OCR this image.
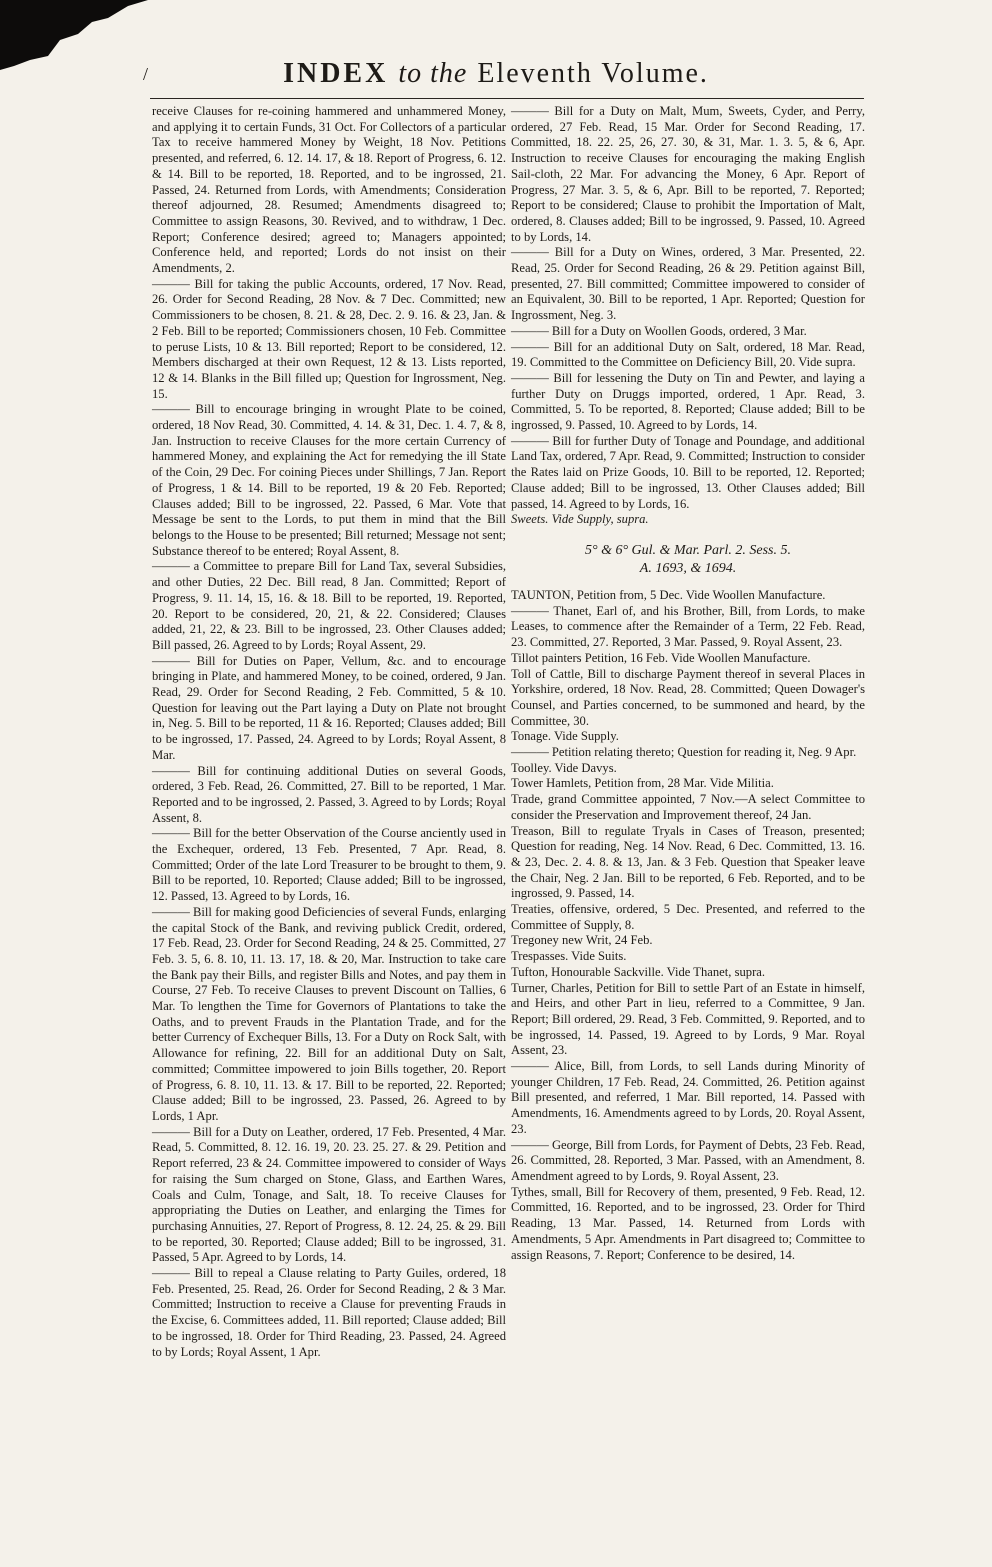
/	INDEX to the Eleventh Volume.

receive Clauses for re-coining hammered and unhammered Money, and applying it to certain Funds, 31 Oct. For Collectors of a particular Tax to receive hammered Money by Weight, 18 Nov. Petitions presented, and referred, 6. 12. 14. 17, & 18. Report of Progress, 6. 12. & 14. Bill to be reported, 18. Reported, and to be ingrossed, 21. Passed, 24. Returned from Lords, with Amendments; Consideration thereof adjourned, 28. Resumed; Amendments disagreed to; Committee to assign Reasons, 30. Revived, and to withdraw, 1 Dec. Report; Conference desired; agreed to; Managers appointed; Conference held, and reported; Lords do not insist on their Amendments, 2.

——— Bill for taking the public Accounts, ordered, 17 Nov. Read, 26. Order for Second Reading, 28 Nov. & 7 Dec. Committed; new Commissioners to be chosen, 8. 21. & 28, Dec. 2. 9. 16. & 23, Jan. & 2 Feb. Bill to be reported; Commissioners chosen, 10 Feb. Committee to peruse Lists, 10 & 13. Bill reported; Report to be considered, 12. Members discharged at their own Request, 12 & 13. Lists reported, 12 & 14. Blanks in the Bill filled up; Question for Ingrossment, Neg. 15.

——— Bill to encourage bringing in wrought Plate to be coined, ordered, 18 Nov Read, 30. Committed, 4. 14. & 31, Dec. 1. 4. 7, & 8, Jan. Instruction to receive Clauses for the more certain Currency of hammered Money, and explaining the Act for remedying the ill State of the Coin, 29 Dec. For coining Pieces under Shillings, 7 Jan. Report of Progress, 1 & 14. Bill to be reported, 19 & 20 Feb. Reported; Clauses added; Bill to be ingrossed, 22. Passed, 6 Mar. Vote that Message be sent to the Lords, to put them in mind that the Bill belongs to the House to be presented; Bill returned; Message not sent; Substance thereof to be entered; Royal Assent, 8.

——— a Committee to prepare Bill for Land Tax, several Subsidies, and other Duties, 22 Dec. Bill read, 8 Jan. Committed; Report of Progress, 9. 11. 14, 15, 16. & 18. Bill to be reported, 19. Reported, 20. Report to be considered, 20, 21, & 22. Considered; Clauses added, 21, 22, & 23. Bill to be ingrossed, 23. Other Clauses added; Bill passed, 26. Agreed to by Lords; Royal Assent, 29.

——— Bill for Duties on Paper, Vellum, &c. and to encourage bringing in Plate, and hammered Money, to be coined, ordered, 9 Jan. Read, 29. Order for Second Reading, 2 Feb. Committed, 5 & 10. Question for leaving out the Part laying a Duty on Plate not brought in, Neg. 5. Bill to be reported, 11 & 16. Reported; Clauses added; Bill to be ingrossed, 17. Passed, 24. Agreed to by Lords; Royal Assent, 8 Mar.

——— Bill for continuing additional Duties on several Goods, ordered, 3 Feb. Read, 26. Committed, 27. Bill to be reported, 1 Mar. Reported and to be ingrossed, 2. Passed, 3. Agreed to by Lords; Royal Assent, 8.

——— Bill for the better Observation of the Course anciently used in the Exchequer, ordered, 13 Feb. Presented, 7 Apr. Read, 8. Committed; Order of the late Lord Treasurer to be brought to them, 9. Bill to be reported, 10. Reported; Clause added; Bill to be ingrossed, 12. Passed, 13. Agreed to by Lords, 16.

——— Bill for making good Deficiencies of several Funds, enlarging the capital Stock of the Bank, and reviving publick Credit, ordered, 17 Feb. Read, 23. Order for Second Reading, 24 & 25. Committed, 27 Feb. 3. 5, 6. 8. 10, 11. 13. 17, 18. & 20, Mar. Instruction to take care the Bank pay their Bills, and register Bills and Notes, and pay them in Course, 27 Feb. To receive Clauses to prevent Discount on Tallies, 6 Mar. To lengthen the Time for Governors of Plantations to take the Oaths, and to prevent Frauds in the Plantation Trade, and for the better Currency of Exchequer Bills, 13. For a Duty on Rock Salt, with Allowance for refining, 22. Bill for an additional Duty on Salt, committed; Committee impowered to join Bills together, 20. Report of Progress, 6. 8. 10, 11. 13. & 17. Bill to be reported, 22. Reported; Clause added; Bill to be ingrossed, 23. Passed, 26. Agreed to by Lords, 1 Apr.

——— Bill for a Duty on Leather, ordered, 17 Feb. Presented, 4 Mar. Read, 5. Committed, 8. 12. 16. 19, 20. 23. 25. 27. & 29. Petition and Report referred, 23 & 24. Committee impowered to consider of Ways for raising the Sum charged on Stone, Glass, and Earthen Wares, Coals and Culm, Tonage, and Salt, 18. To receive Clauses for appropriating the Duties on Leather, and enlarging the Times for purchasing Annuities, 27. Report of Progress, 8. 12. 24, 25. & 29. Bill to be reported, 30. Reported; Clause added; Bill to be ingrossed, 31. Passed, 5 Apr. Agreed to by Lords, 14.

——— Bill to repeal a Clause relating to Party Guiles, ordered, 18 Feb. Presented, 25. Read, 26. Order for Second Reading, 2 & 3 Mar. Committed; Instruction to receive a Clause for preventing Frauds in the Excise, 6. Committees added, 11. Bill reported; Clause added; Bill to be ingrossed, 18. Order for Third Reading, 23. Passed, 24. Agreed to by Lords; Royal Assent, 1 Apr.

——— Bill for a Duty on Malt, Mum, Sweets, Cyder, and Perry, ordered, 27 Feb. Read, 15 Mar. Order for Second Reading, 17. Committed, 18. 22. 25, 26, 27. 30, & 31, Mar. 1. 3. 5, & 6, Apr. Instruction to receive Clauses for encouraging the making English Sail-cloth, 22 Mar. For advancing the Money, 6 Apr. Report of Progress, 27 Mar. 3. 5, & 6, Apr. Bill to be reported, 7. Reported; Report to be considered; Clause to prohibit the Importation of Malt, ordered, 8. Clauses added; Bill to be ingrossed, 9. Passed, 10. Agreed to by Lords, 14.

——— Bill for a Duty on Wines, ordered, 3 Mar. Presented, 22. Read, 25. Order for Second Reading, 26 & 29. Petition against Bill, presented, 27. Bill committed; Committee impowered to consider of an Equivalent, 30. Bill to be reported, 1 Apr. Reported; Question for Ingrossment, Neg. 3.

——— Bill for a Duty on Woollen Goods, ordered, 3 Mar.

——— Bill for an additional Duty on Salt, ordered, 18 Mar. Read, 19. Committed to the Committee on Deficiency Bill, 20. Vide supra.

——— Bill for lessening the Duty on Tin and Pewter, and laying a further Duty on Druggs imported, ordered, 1 Apr. Read, 3. Committed, 5. To be reported, 8. Reported; Clause added; Bill to be ingrossed, 9. Passed, 10. Agreed to by Lords, 14.

——— Bill for further Duty of Tonage and Poundage, and additional Land Tax, ordered, 7 Apr. Read, 9. Committed; Instruction to consider the Rates laid on Prize Goods, 10. Bill to be reported, 12. Reported; Clause added; Bill to be ingrossed, 13. Other Clauses added; Bill passed, 14. Agreed to by Lords, 16.

Sweets. Vide Supply, supra.

5° & 6° Gul. & Mar. Parl. 2. Sess. 5.
A. 1693, & 1694.

TAUNTON, Petition from, 5 Dec. Vide Woollen Manufacture.

——— Thanet, Earl of, and his Brother, Bill, from Lords, to make Leases, to commence after the Remainder of a Term, 22 Feb. Read, 23. Committed, 27. Reported, 3 Mar. Passed, 9. Royal Assent, 23.

Tillot painters Petition, 16 Feb. Vide Woollen Manufacture.

Toll of Cattle, Bill to discharge Payment thereof in several Places in Yorkshire, ordered, 18 Nov. Read, 28. Committed; Queen Dowager's Counsel, and Parties concerned, to be summoned and heard, by the Committee, 30.

Tonage. Vide Supply.

——— Petition relating thereto; Question for reading it, Neg. 9 Apr.

Toolley. Vide Davys.

Tower Hamlets, Petition from, 28 Mar. Vide Militia.

Trade, grand Committee appointed, 7 Nov.—A select Committee to consider the Preservation and Improvement thereof, 24 Jan.

Treason, Bill to regulate Tryals in Cases of Treason, presented; Question for reading, Neg. 14 Nov. Read, 6 Dec. Committed, 13. 16. & 23, Dec. 2. 4. 8. & 13, Jan. & 3 Feb. Question that Speaker leave the Chair, Neg. 2 Jan. Bill to be reported, 6 Feb. Reported, and to be ingrossed, 9. Passed, 14.

Treaties, offensive, ordered, 5 Dec. Presented, and referred to the Committee of Supply, 8.

Tregoney new Writ, 24 Feb.

Trespasses. Vide Suits.

Tufton, Honourable Sackville. Vide Thanet, supra.

Turner, Charles, Petition for Bill to settle Part of an Estate in himself, and Heirs, and other Part in lieu, referred to a Committee, 9 Jan. Report; Bill ordered, 29. Read, 3 Feb. Committed, 9. Reported, and to be ingrossed, 14. Passed, 19. Agreed to by Lords, 9 Mar. Royal Assent, 23.

——— Alice, Bill, from Lords, to sell Lands during Minority of younger Children, 17 Feb. Read, 24. Committed, 26. Petition against Bill presented, and referred, 1 Mar. Bill reported, 14. Passed with Amendments, 16. Amendments agreed to by Lords, 20. Royal Assent, 23.

——— George, Bill from Lords, for Payment of Debts, 23 Feb. Read, 26. Committed, 28. Reported, 3 Mar. Passed, with an Amendment, 8. Amendment agreed to by Lords, 9. Royal Assent, 23.

Tythes, small, Bill for Recovery of them, presented, 9 Feb. Read, 12. Committed, 16. Reported, and to be ingrossed, 23. Order for Third Reading, 13 Mar. Passed, 14. Returned from Lords with Amendments, 5 Apr. Amendments in Part disagreed to; Committee to assign Reasons, 7. Report; Conference to be desired, 14.
